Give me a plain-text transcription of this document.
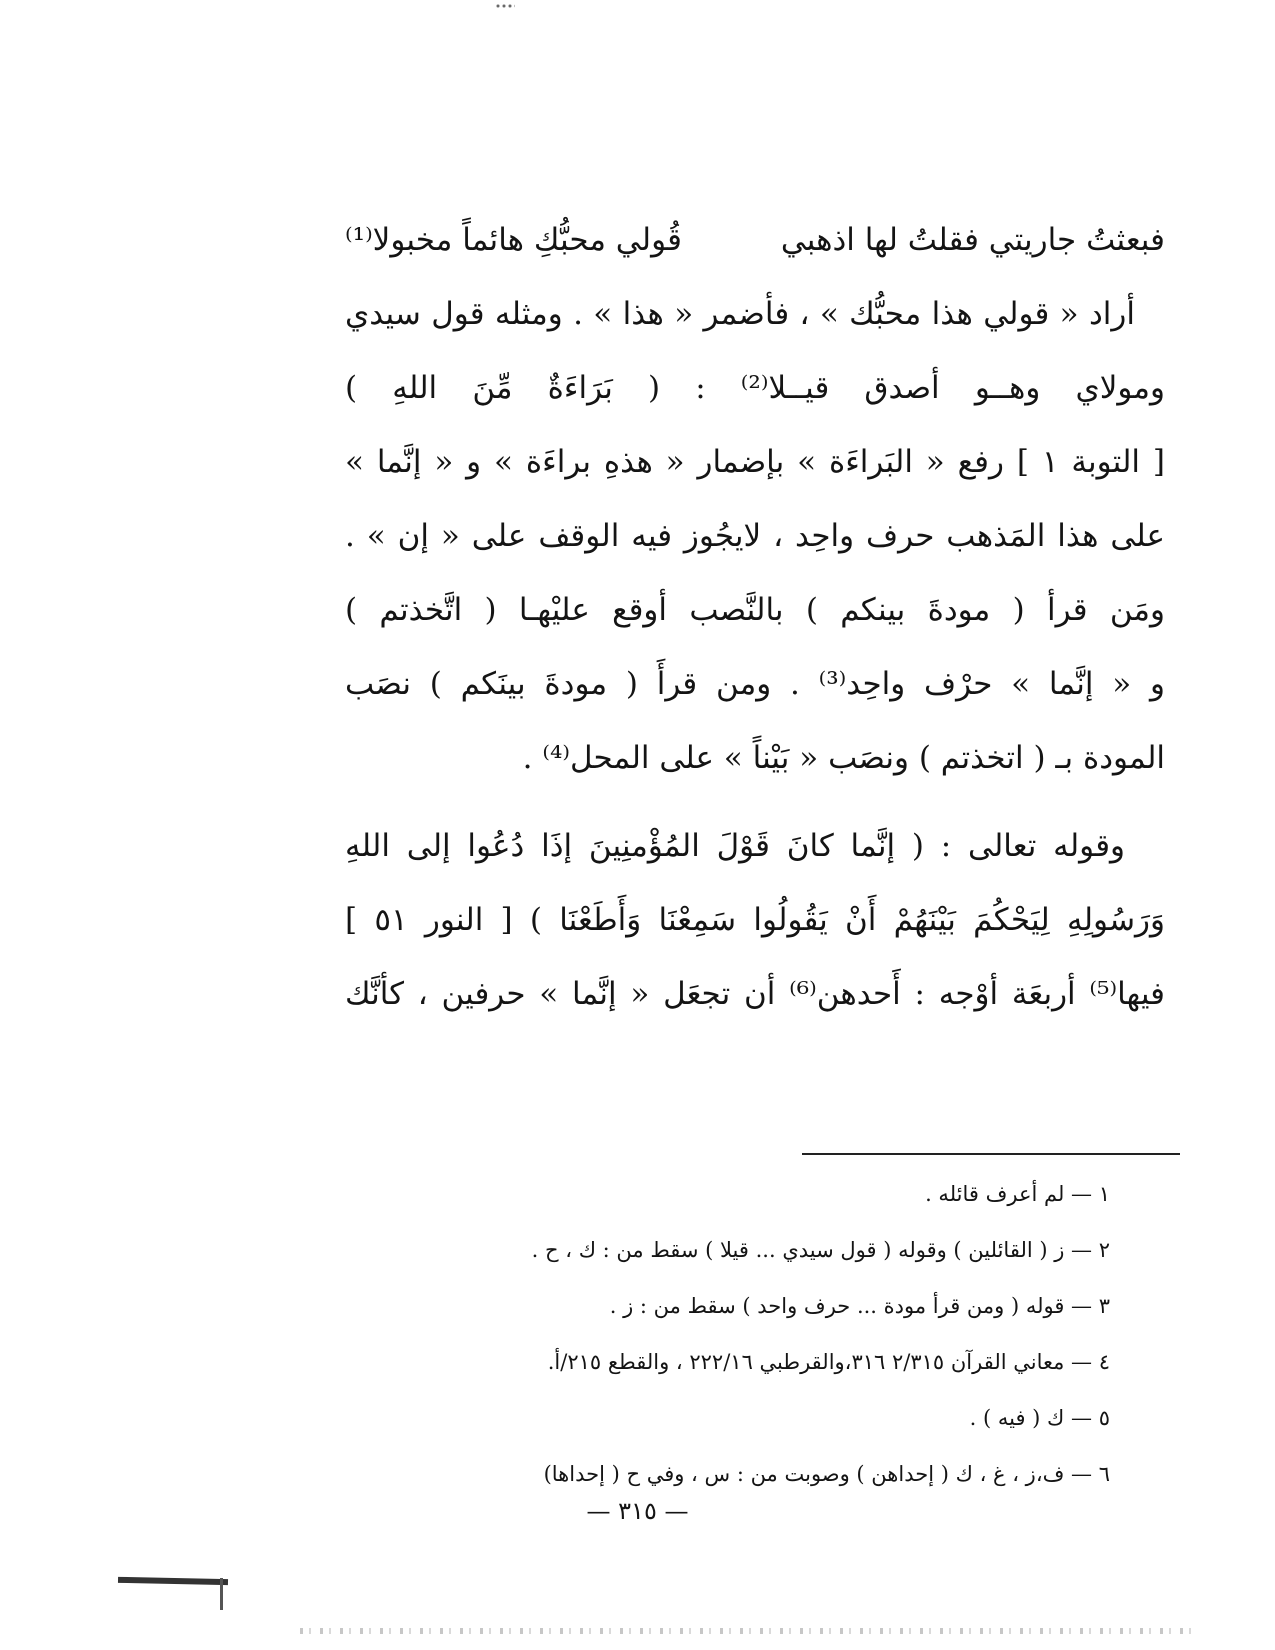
فبعثتُ جاريتي فقلتُ لها اذهبي
قُولي محبُّكِ هائماً مخبولا⁽¹⁾
أراد « قولي هذا محبُّك » ، فأضمر « هذا » . ومثله قول سيدي
ومولاي وهــو أصدق قيــلا⁽²⁾ : ( بَرَاءَةٌ مِّنَ اللهِ )
[ التوبة ١ ] رفع « البَراءَة » بإضمار « هذهِ براءَة » و « إنَّما »
على هذا المَذهب حرف واحِد ، لايجُوز فيه الوقف على « إن » .
ومَن قرأ ( مودةَ بينكم ) بالنَّصب أوقع عليْهـا ( اتَّخذتم )
و « إنَّما » حرْف واحِد⁽³⁾ . ومن قرأَ ( مودةَ بينَكم ) نصَب
المودة بـ ( اتخذتم ) ونصَب « بَيْناً » على المحل⁽⁴⁾ .
وقوله تعالى : ( إنَّما كانَ قَوْلَ المُؤْمنِينَ إذَا دُعُوا إلى اللهِ
وَرَسُولِهِ لِيَحْكُمَ بَيْنَهُمْ أَنْ يَقُولُوا سَمِعْنَا وَأَطَعْنَا ) [ النور ٥١ ]
فيها⁽⁵⁾ أربعَة أوْجه : أَحدهن⁽⁶⁾ أن تجعَل « إنَّما » حرفين ، كأنَّك
١ — لم أعرف قائله .
٢ — ز ( القائلين ) وقوله ( قول سيدي ... قيلا ) سقط من : ك ، ح .
٣ — قوله ( ومن قرأ مودة ... حرف واحد ) سقط من : ز .
٤ — معاني القرآن ٢/٣١٥ ٣١٦،والقرطبي ٢٢٢/١٦ ، والقطع ٢١٥/أ.
٥ — ك ( فيه ) .
٦ — ف،ز ، غ ، ك ( إحداهن ) وصوبت من : س ، وفي ح ( إحداها)
— ٣١٥ —
